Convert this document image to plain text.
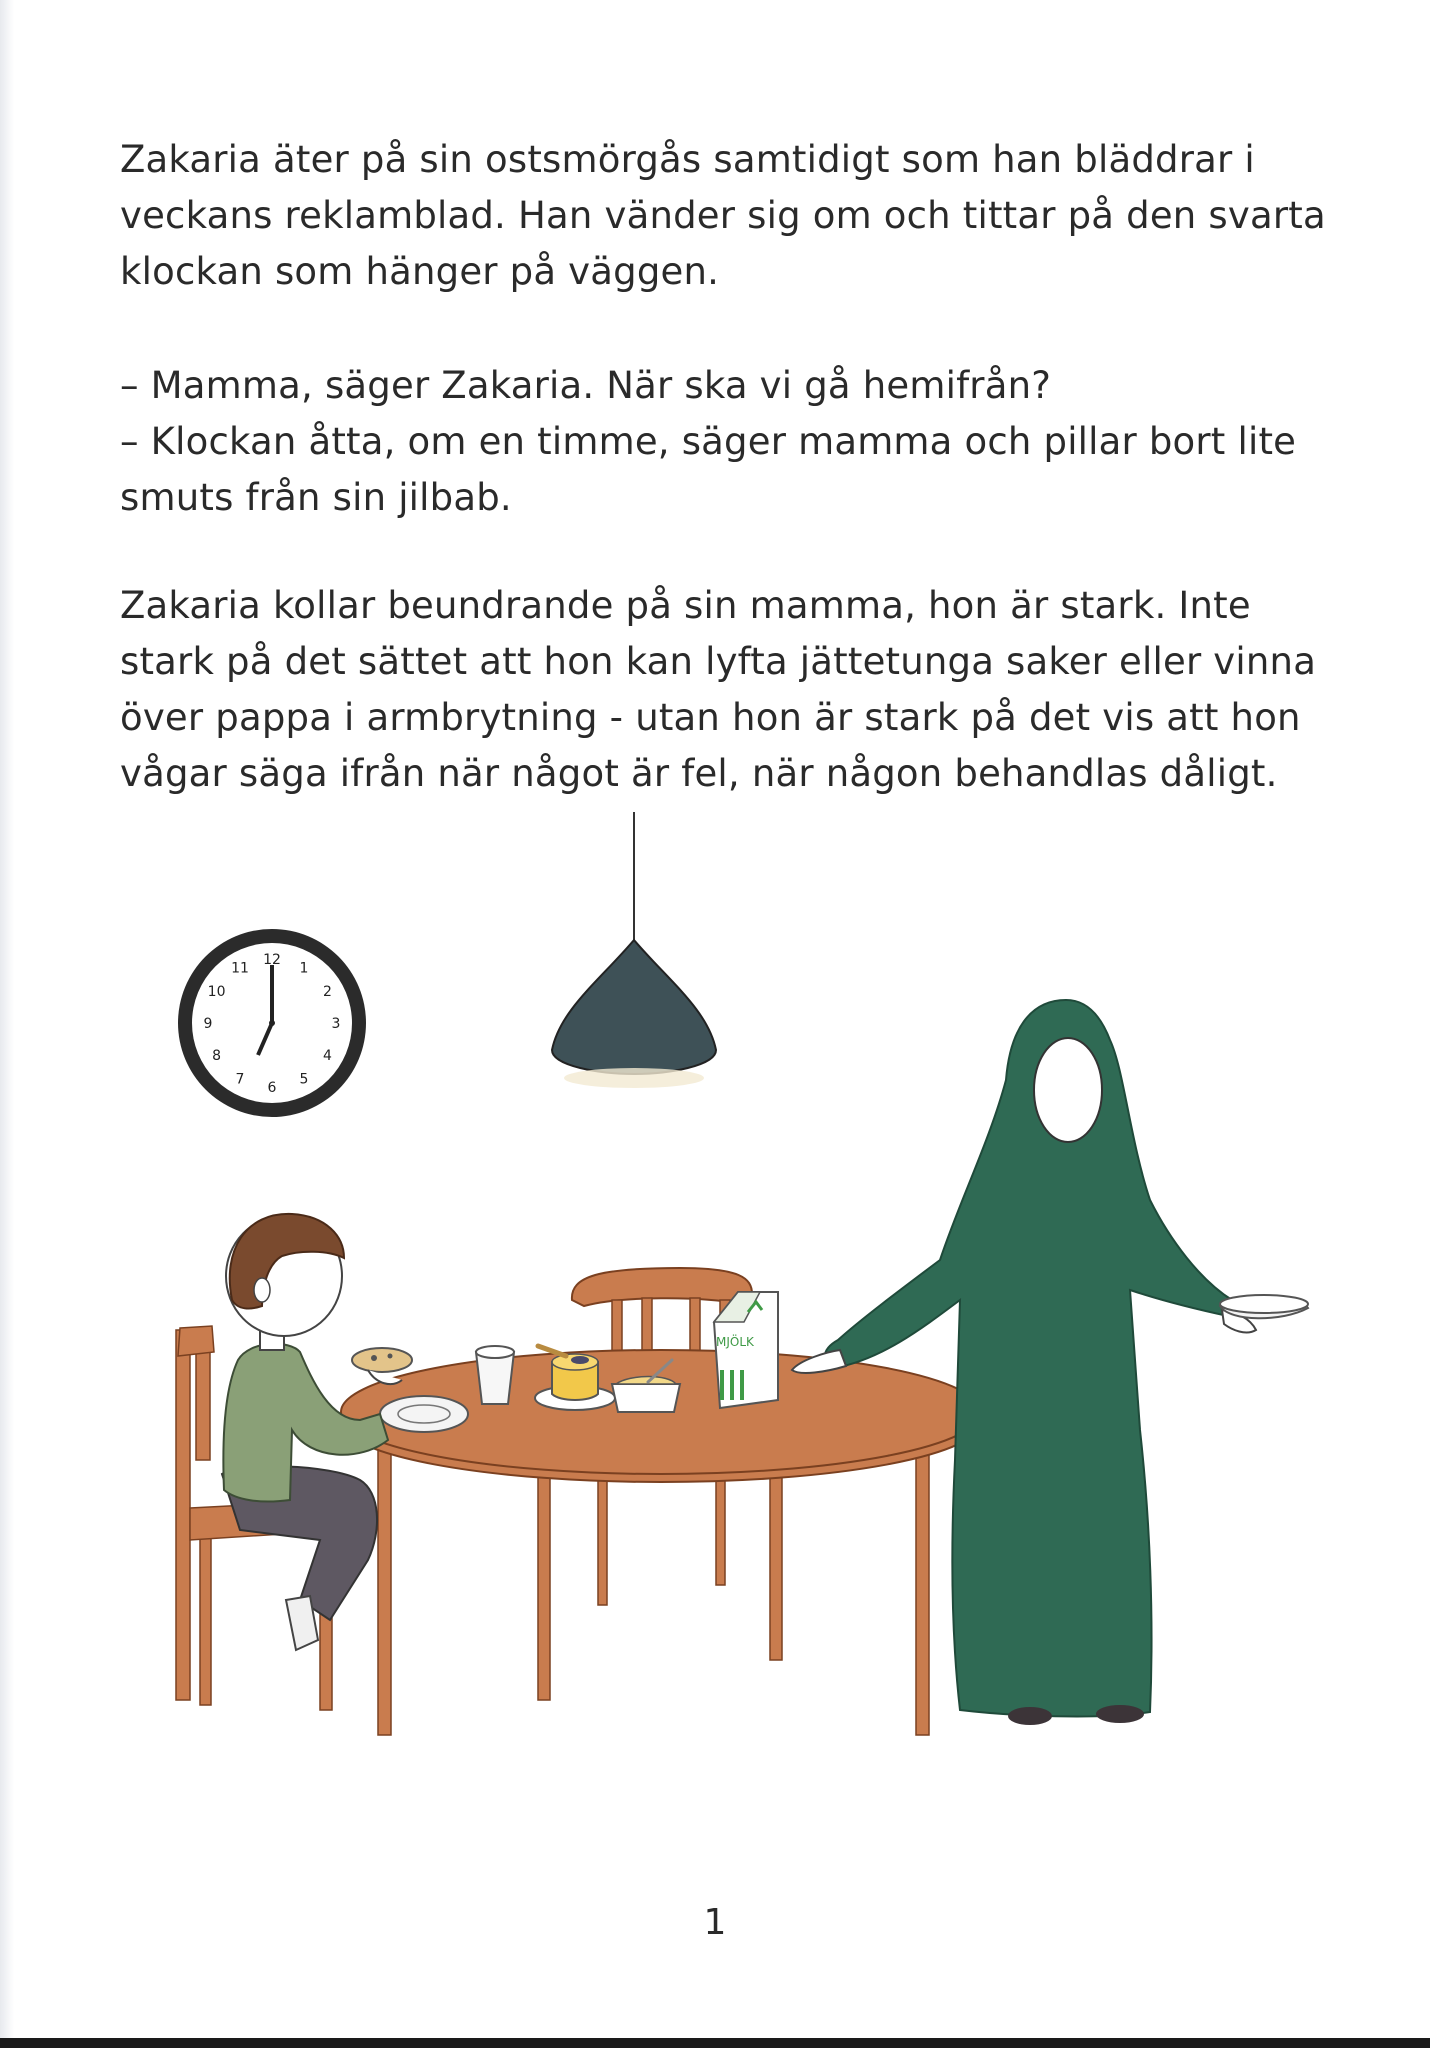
Zakaria äter på sin ostsmörgås samtidigt som han bläddrar i veckans reklamblad. Han vänder sig om och tittar på den svarta klockan som hänger på väggen.

– Mamma, säger Zakaria. När ska vi gå hemifrån?

– Klockan åtta, om en timme, säger mamma och pillar bort lite smuts från sin jilbab.

Zakaria kollar beundrande på sin mamma, hon är stark. Inte stark på det sättet att hon kan lyfta jättetunga saker eller vinna över pappa i armbrytning - utan hon är stark på det vis att hon vågar säga ifrån när något är fel, när någon behandlas dåligt.

12
1
2
3
4
5
6
7
8
9
10
11
MJÖLK
1
